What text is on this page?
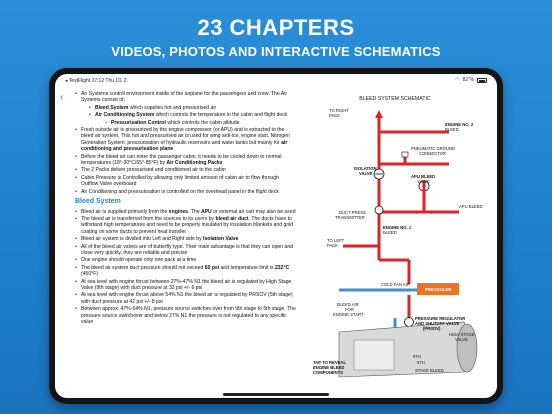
23 CHAPTERS
VIDEOS, PHOTOS AND INTERACTIVE SCHEMATICS
◂ TestFlight 17:12 Thu 10. 2.	◠ 82 %
‹
•	Air Systems control environment inside of the airplane for the passengers and crew. The Air Systems consist of:
• Bleed System which supplies hot and pressurised air
• Air Conditioning System which controls the temperature in the cabin and flight deck
– Pressurisation Control which controls the cabin altitude
• Fresh outside air is pressurized by the engine compressor (or APU) and is extracted to the bleed air system. This hot and pressurised air is used for wing anti-ice, engine start, Nitrogen Generation System, pressurisation of hydraulic reservoirs and water tanks but mainly for air conditioning and pressurisation plane
• Before the bleed air can enter the passenger cabin, it needs to be cooled down to normal temperatures (18°-30°C/65°-85°F) by Air Conditioning Packs
• The 2 Packs deliver pressurised and conditioned air to the cabin
• Cabin Pressure is Controlled by allowing only limited amount of cabin air to flow through Outflow Valve overboard
• Air Conditioning and pressurisation is controlled on the overhead panel in the flight deck
Bleed System
• Bleed air is supplied primarily from the engines. The APU or external air cart may also be used
• The bleed air is transferred from the sources to its users by bleed air duct. The ducts have to withstand high temperatures and need to be properly insulated by insulation blankets and gold coating on some ducts to prevent heat transfer
• Bleed air system is divided into Left and Right side by Isolation Valve
• All of the bleed air valves are of butterfly type. Their main advantage is that they can open and close very quickly, they are reliable and precise
• One engine should operate only one pack at a time
• The bleed air system duct pressure should not exceed 60 psi and temperature limit is 232°C (450°F)
• At sea level with engine thrust between 27%-47% N1 the bleed air is regulated by High Stage Valve (9th stage) with duct pressure at 32 psi +/- 6 psi
• At sea level with engine thrust above 54% N1 the bleed air is regulated by PRSOV (5th stage) with duct pressure at 42 psi +/- 8 psi
• Between approx. 47%-54% N1, pressure source switches over from 9th stage to 5th stage. The pressure source switchover and below 27% N1 the pressure is not regulated to any specific value
BLEED SYSTEM SCHEMATIC
PRECOOLER
TO RIGHT
PACK
ENGINE NO. 2
BLEED
PNEUMATIC GROUND
CONNECTOR
ISOLATION
VALVE
APU BLEED
VALVE
APU BLEED
DUCT PRESS
TRANSMITTER
ENGINE NO. 1
BLEED
TO LEFT
PACK
COLD FAN AIR
BLEED AIR
FOR
ENGINE START
PRESSURE REGULATOR
AND SHUTOFF VALVE
(PRSOV)
HIGH STAGE
VALVE
9TH
5TH
STAGE BLEED
TAP TO REVEAL
ENGINE BLEED
COMPONENTS
